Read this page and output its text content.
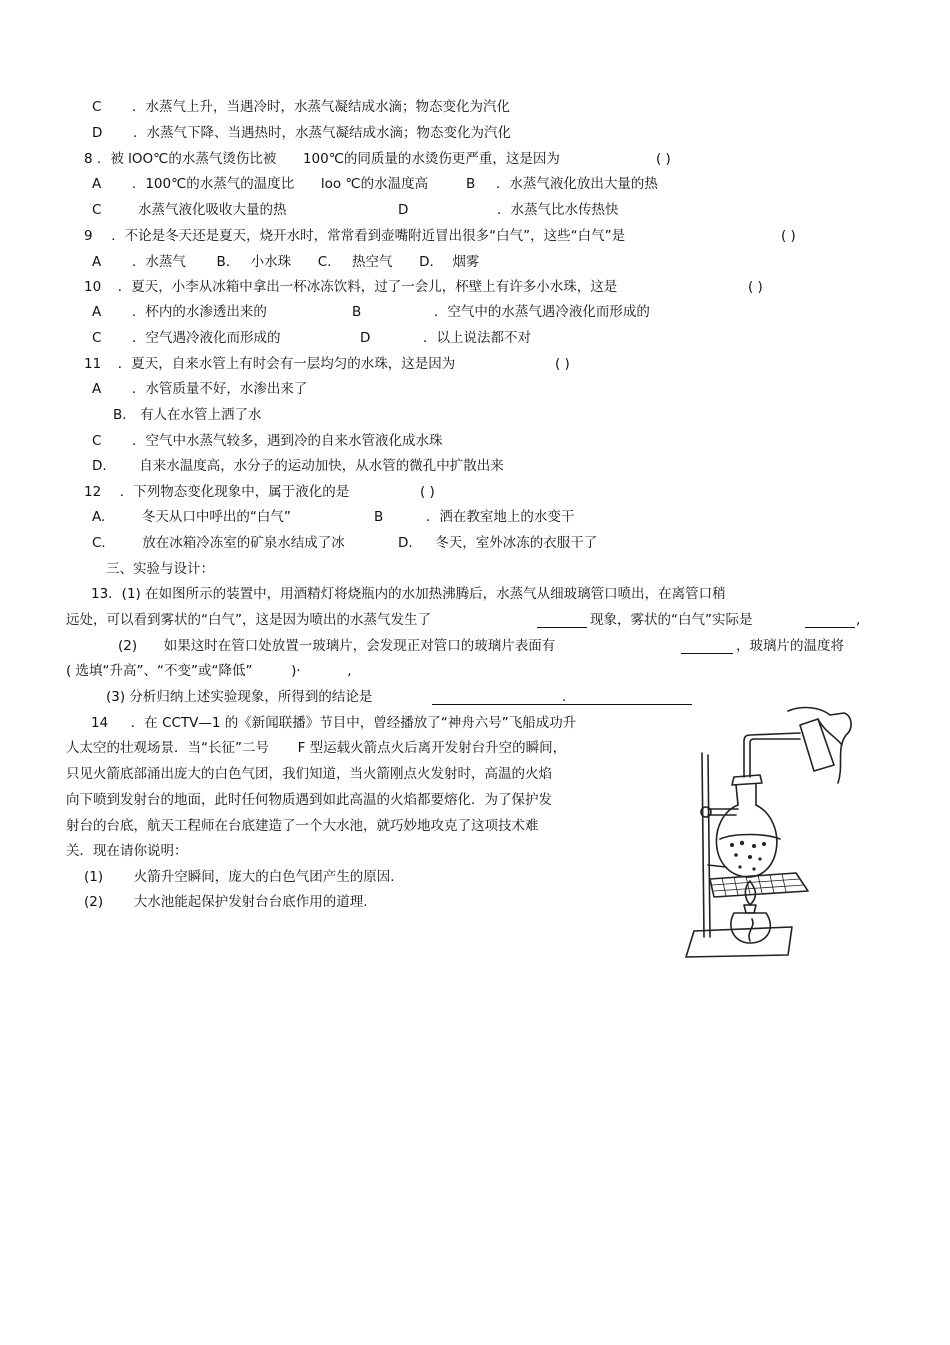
C ．水蒸气上升，当遇冷时，水蒸气凝结成水滴；物态变化为汽化
D ．水蒸气下降、当遇热时，水蒸气凝结成水滴；物态变化为汽化
8 ．被 lOO℃的水蒸气烫伤比被 100℃的同质量的水烫伤更严重，这是因为	( )
A ．100℃的水蒸气的温度比 loo ℃的水温度高	B ．水蒸气液化放出大量的热
C	水蒸气液化吸收大量的热	D	．水蒸气比水传热快
9 ．不论是冬天还是夏天，烧开水时，常常看到壶嘴附近冒出很多“白气”，这些“白气”是	( )
A ．水蒸气 B. 小水珠 C. 热空气 D. 烟雾
10 ．夏天，小李从冰箱中拿出一杯冰冻饮料，过了一会儿，杯壁上有许多小水珠，这是	( )
A ．杯内的水渗透出来的	B	．空气中的水蒸气遇冷液化而形成的
C ．空气遇冷液化而形成的	D	．以上说法都不对
11 ．夏天，自来水管上有时会有一层均匀的水珠，这是因为	( )
A ．水管质量不好，水渗出来了
B． 有人在水管上洒了水
C ．空气中水蒸气较多，遇到冷的自来水管液化成水珠
D. 自来水温度高，水分子的运动加快，从水管的微孔中扩散出来
12 ．下列物态变化现象中，属于液化的是	( )
A.	冬天从口中呼出的“白气”	B	．洒在教室地上的水变干
C.	放在冰箱冷冻室的矿泉水结成了冰	D. 冬天，室外冰冻的衣服干了
三、实验与设计：
13．(1) 在如图所示的装置中，用酒精灯将烧瓶内的水加热沸腾后，水蒸气从细玻璃管口喷出，在离管口稍
远处，可以看到雾状的“白气”，这是因为喷出的水蒸气发生了	现象，雾状的“白气”实际是	,
(2) 如果这时在管口处放置一玻璃片，会发现正对管口的玻璃片表面有	，玻璃片的温度将
( 选填“升高”、“不变”或“降低”	)·	,
(3) 分析归纳上述实验现象，所得到的结论是	.
14 ．在 CCTV—1 的《新闻联播》节目中，曾经播放了“神舟六号”飞船成功升
人太空的壮观场景．当“长征”二号 F 型运载火箭点火后离开发射台升空的瞬间，
只见火箭底部涌出庞大的白色气团，我们知道，当火箭刚点火发射时，高温的火焰
向下喷到发射台的地面，此时任何物质遇到如此高温的火焰都要熔化．为了保护发
射台的台底，航天工程师在台底建造了一个大水池，就巧妙地攻克了这项技术难
关．现在请你说明：
(1) 火箭升空瞬间，庞大的白色气团产生的原因.
(2) 大水池能起保护发射台台底作用的道理.
